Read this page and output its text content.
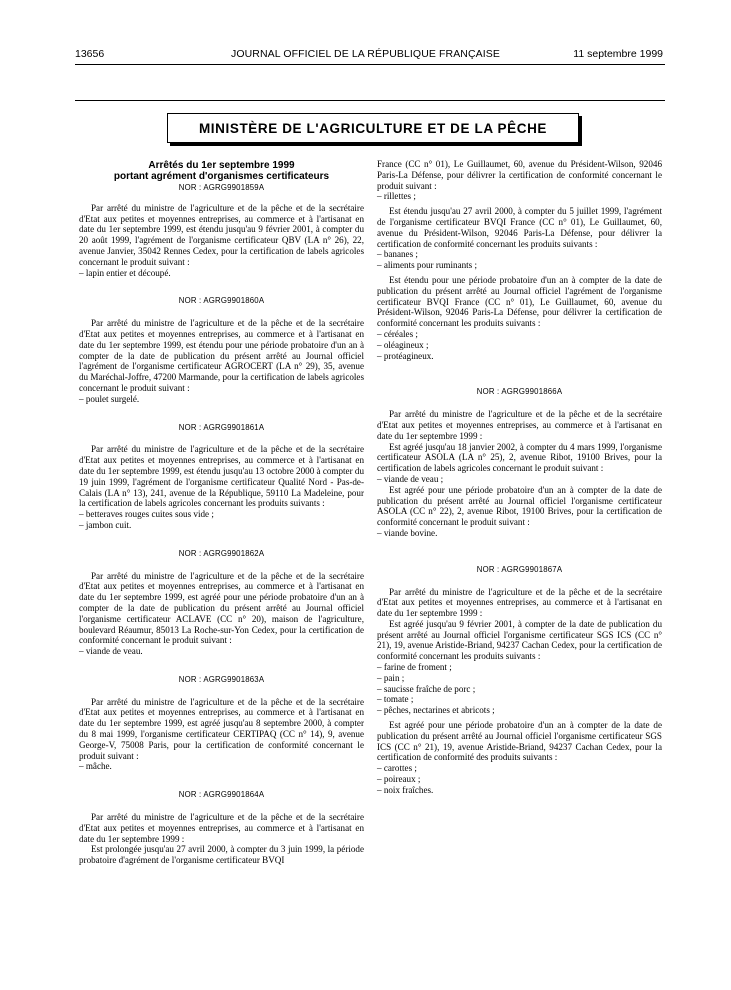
13656	JOURNAL OFFICIEL DE LA RÉPUBLIQUE FRANÇAISE	11 septembre 1999
MINISTÈRE DE L'AGRICULTURE ET DE LA PÊCHE
Arrêtés du 1er septembre 1999
portant agrément d'organismes certificateurs
NOR : AGRG9901859A

Par arrêté du ministre de l'agriculture et de la pêche et de la secrétaire d'Etat aux petites et moyennes entreprises, au commerce et à l'artisanat en date du 1er septembre 1999, est étendu jusqu'au 9 février 2001, à compter du 20 août 1999, l'agrément de l'organisme certificateur QBV (LA n° 26), 22, avenue Janvier, 35042 Rennes Cedex, pour la certification de labels agricoles concernant le produit suivant :

– lapin entier et découpé.
NOR : AGRG9901860A

Par arrêté du ministre de l'agriculture et de la pêche et de la secrétaire d'Etat aux petites et moyennes entreprises, au commerce et à l'artisanat en date du 1er septembre 1999, est étendu pour une période probatoire d'un an à compter de la date de publication du présent arrêté au Journal officiel l'agrément de l'organisme certificateur AGROCERT (LA n° 29), 35, avenue du Maréchal-Joffre, 47200 Marmande, pour la certification de labels agricoles concernant le produit suivant :

– poulet surgelé.
NOR : AGRG9901861A

Par arrêté du ministre de l'agriculture et de la pêche et de la secrétaire d'Etat aux petites et moyennes entreprises, au commerce et à l'artisanat en date du 1er septembre 1999, est étendu jusqu'au 13 octobre 2000 à compter du 19 juin 1999, l'agrément de l'organisme certificateur Qualité Nord - Pas-de-Calais (LA n° 13), 241, avenue de la République, 59110 La Madeleine, pour la certification de labels agricoles concernant les produits suivants :

– betteraves rouges cuites sous vide ;
– jambon cuit.
NOR : AGRG9901862A

Par arrêté du ministre de l'agriculture et de la pêche et de la secrétaire d'Etat aux petites et moyennes entreprises, au commerce et à l'artisanat en date du 1er septembre 1999, est agréé pour une période probatoire d'un an à compter de la date de publication du présent arrêté au Journal officiel l'organisme certificateur ACLAVE (CC n° 20), maison de l'agriculture, boulevard Réaumur, 85013 La Roche-sur-Yon Cedex, pour la certification de conformité concernant le produit suivant :

– viande de veau.
NOR : AGRG9901863A

Par arrêté du ministre de l'agriculture et de la pêche et de la secrétaire d'Etat aux petites et moyennes entreprises, au commerce et à l'artisanat en date du 1er septembre 1999, est agréé jusqu'au 8 septembre 2000, à compter du 8 mai 1999, l'organisme certificateur CERTIPAQ (CC n° 14), 9, avenue George-V, 75008 Paris, pour la certification de conformité concernant le produit suivant :

– mâche.
NOR : AGRG9901864A

Par arrêté du ministre de l'agriculture et de la pêche et de la secrétaire d'Etat aux petites et moyennes entreprises, au commerce et à l'artisanat en date du 1er septembre 1999 :

Est prolongée jusqu'au 27 avril 2000, à compter du 3 juin 1999, la période probatoire d'agrément de l'organisme certificateur BVQI

France (CC n° 01), Le Guillaumet, 60, avenue du Président-Wilson, 92046 Paris-La Défense, pour délivrer la certification de conformité concernant le produit suivant :

– rillettes ;

Est étendu jusqu'au 27 avril 2000, à compter du 5 juillet 1999, l'agrément de l'organisme certificateur BVQI France (CC n° 01), Le Guillaumet, 60, avenue du Président-Wilson, 92046 Paris-La Défense, pour délivrer la certification de conformité concernant les produits suivants :

– bananes ;
– aliments pour ruminants ;

Est étendu pour une période probatoire d'un an à compter de la date de publication du présent arrêté au Journal officiel l'agrément de l'organisme certificateur BVQI France (CC n° 01), Le Guillaumet, 60, avenue du Président-Wilson, 92046 Paris-La Défense, pour délivrer la certification de conformité concernant les produits suivants :

– céréales ;
– oléagineux ;
– protéagineux.
NOR : AGRG9901866A

Par arrêté du ministre de l'agriculture et de la pêche et de la secrétaire d'Etat aux petites et moyennes entreprises, au commerce et à l'artisanat en date du 1er septembre 1999 :

Est agréé jusqu'au 18 janvier 2002, à compter du 4 mars 1999, l'organisme certificateur ASOLA (LA n° 25), 2, avenue Ribot, 19100 Brives, pour la certification de labels agricoles concernant le produit suivant :

– viande de veau ;

Est agréé pour une période probatoire d'un an à compter de la date de publication du présent arrêté au Journal officiel l'organisme certificateur ASOLA (CC n° 22), 2, avenue Ribot, 19100 Brives, pour la certification de conformité concernant le produit suivant :

– viande bovine.
NOR : AGRG9901867A

Par arrêté du ministre de l'agriculture et de la pêche et de la secrétaire d'Etat aux petites et moyennes entreprises, au commerce et à l'artisanat en date du 1er septembre 1999 :

Est agréé jusqu'au 9 février 2001, à compter de la date de publication du présent arrêté au Journal officiel l'organisme certificateur SGS ICS (CC n° 21), 19, avenue Aristide-Briand, 94237 Cachan Cedex, pour la certification de conformité concernant les produits suivants :

– farine de froment ;
– pain ;
– saucisse fraîche de porc ;
– tomate ;
– pêches, nectarines et abricots ;

Est agréé pour une période probatoire d'un an à compter de la date de publication du présent arrêté au Journal officiel l'organisme certificateur SGS ICS (CC n° 21), 19, avenue Aristide-Briand, 94237 Cachan Cedex, pour la certification de conformité des produits suivants :

– carottes ;
– poireaux ;
– noix fraîches.
